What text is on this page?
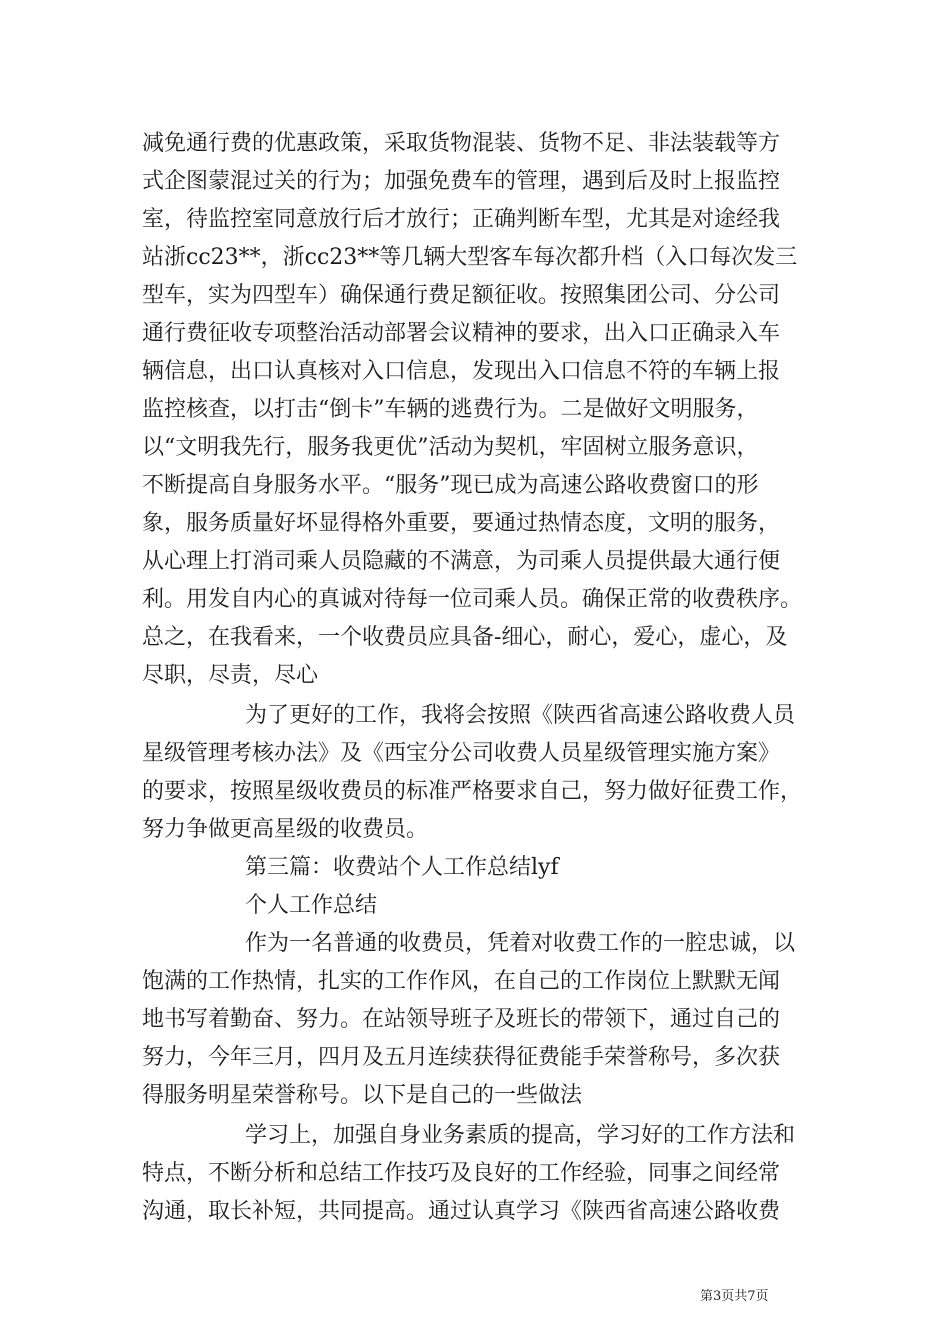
减免通行费的优惠政策，采取货物混装、货物不足、非法装载等方
式企图蒙混过关的行为；加强免费车的管理，遇到后及时上报监控
室，待监控室同意放行后才放行；正确判断车型，尤其是对途经我
站浙cc23**，浙cc23**等几辆大型客车每次都升档（入口每次发三
型车，实为四型车）确保通行费足额征收。按照集团公司、分公司
通行费征收专项整治活动部署会议精神的要求，出入口正确录入车
辆信息，出口认真核对入口信息，发现出入口信息不符的车辆上报
监控核查，以打击“倒卡”车辆的逃费行为。二是做好文明服务，
以“文明我先行，服务我更优”活动为契机，牢固树立服务意识，
不断提高自身服务水平。“服务”现已成为高速公路收费窗口的形
象，服务质量好坏显得格外重要，要通过热情态度，文明的服务，
从心理上打消司乘人员隐藏的不满意，为司乘人员提供最大通行便
利。用发自内心的真诚对待每一位司乘人员。确保正常的收费秩序。
总之，在我看来，一个收费员应具备-细心，耐心，爱心，虚心，及
尽职，尽责，尽心
为了更好的工作，我将会按照《陕西省高速公路收费人员
星级管理考核办法》及《西宝分公司收费人员星级管理实施方案》
的要求，按照星级收费员的标准严格要求自己，努力做好征费工作，
努力争做更高星级的收费员。
第三篇：收费站个人工作总结lyf
个人工作总结
作为一名普通的收费员，凭着对收费工作的一腔忠诚，以
饱满的工作热情，扎实的工作作风，在自己的工作岗位上默默无闻
地书写着勤奋、努力。在站领导班子及班长的带领下，通过自己的
努力，今年三月，四月及五月连续获得征费能手荣誉称号，多次获
得服务明星荣誉称号。以下是自己的一些做法
学习上，加强自身业务素质的提高，学习好的工作方法和
特点，不断分析和总结工作技巧及良好的工作经验，同事之间经常
沟通，取长补短，共同提高。通过认真学习《陕西省高速公路收费
第3页共7页
